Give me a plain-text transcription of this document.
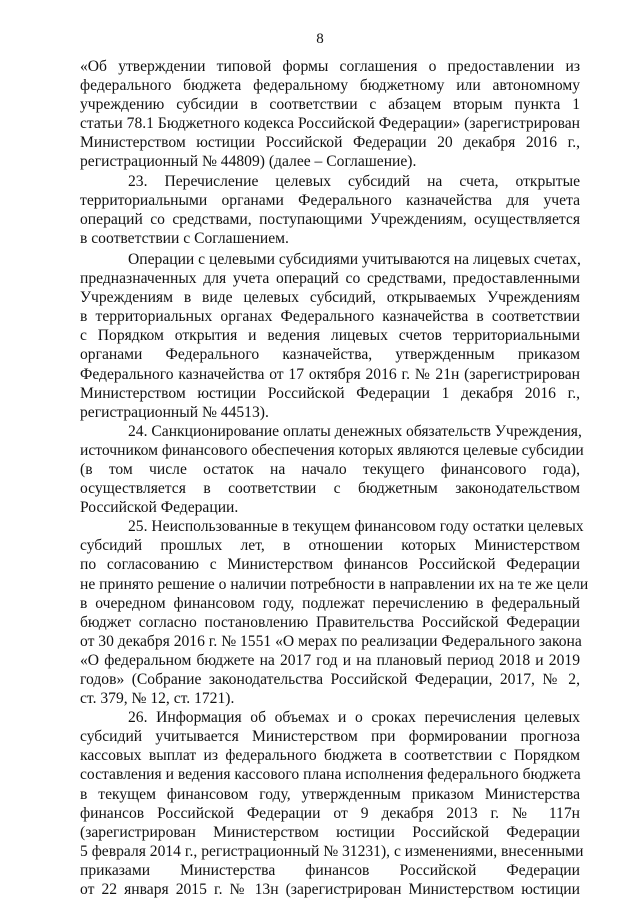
8
«Об утверждении типовой формы соглашения о предоставлении из
федерального бюджета федеральному бюджетному или автономному
учреждению субсидии в соответствии с абзацем вторым пункта 1
статьи 78.1 Бюджетного кодекса Российской Федерации» (зарегистрирован
Министерством юстиции Российской Федерации 20 декабря 2016 г.,
регистрационный № 44809) (далее – Соглашение).
23. Перечисление целевых субсидий на счета, открытые
территориальными органами Федерального казначейства для учета
операций со средствами, поступающими Учреждениям, осуществляется
в соответствии с Соглашением.
Операции с целевыми субсидиями учитываются на лицевых счетах,
предназначенных для учета операций со средствами, предоставленными
Учреждениям в виде целевых субсидий, открываемых Учреждениям
в территориальных органах Федерального казначейства в соответствии
с Порядком открытия и ведения лицевых счетов территориальными
органами Федерального казначейства, утвержденным приказом
Федерального казначейства от 17 октября 2016 г. № 21н (зарегистрирован
Министерством юстиции Российской Федерации 1 декабря 2016 г.,
регистрационный № 44513).
24. Санкционирование оплаты денежных обязательств Учреждения,
источником финансового обеспечения которых являются целевые субсидии
(в том числе остаток на начало текущего финансового года),
осуществляется в соответствии с бюджетным законодательством
Российской Федерации.
25. Неиспользованные в текущем финансовом году остатки целевых
субсидий прошлых лет, в отношении которых Министерством
по согласованию с Министерством финансов Российской Федерации
не принято решение о наличии потребности в направлении их на те же цели
в очередном финансовом году, подлежат перечислению в федеральный
бюджет согласно постановлению Правительства Российской Федерации
от 30 декабря 2016 г. № 1551 «О мерах по реализации Федерального закона
«О федеральном бюджете на 2017 год и на плановый период 2018 и 2019
годов» (Собрание законодательства Российской Федерации, 2017, № 2,
ст. 379, № 12, ст. 1721).
26. Информация об объемах и о сроках перечисления целевых
субсидий учитывается Министерством при формировании прогноза
кассовых выплат из федерального бюджета в соответствии с Порядком
составления и ведения кассового плана исполнения федерального бюджета
в текущем финансовом году, утвержденным приказом Министерства
финансов Российской Федерации от 9 декабря 2013 г. № 117н
(зарегистрирован Министерством юстиции Российской Федерации
5 февраля 2014 г., регистрационный № 31231), с изменениями, внесенными
приказами Министерства финансов Российской Федерации
от 22 января 2015 г. № 13н (зарегистрирован Министерством юстиции
